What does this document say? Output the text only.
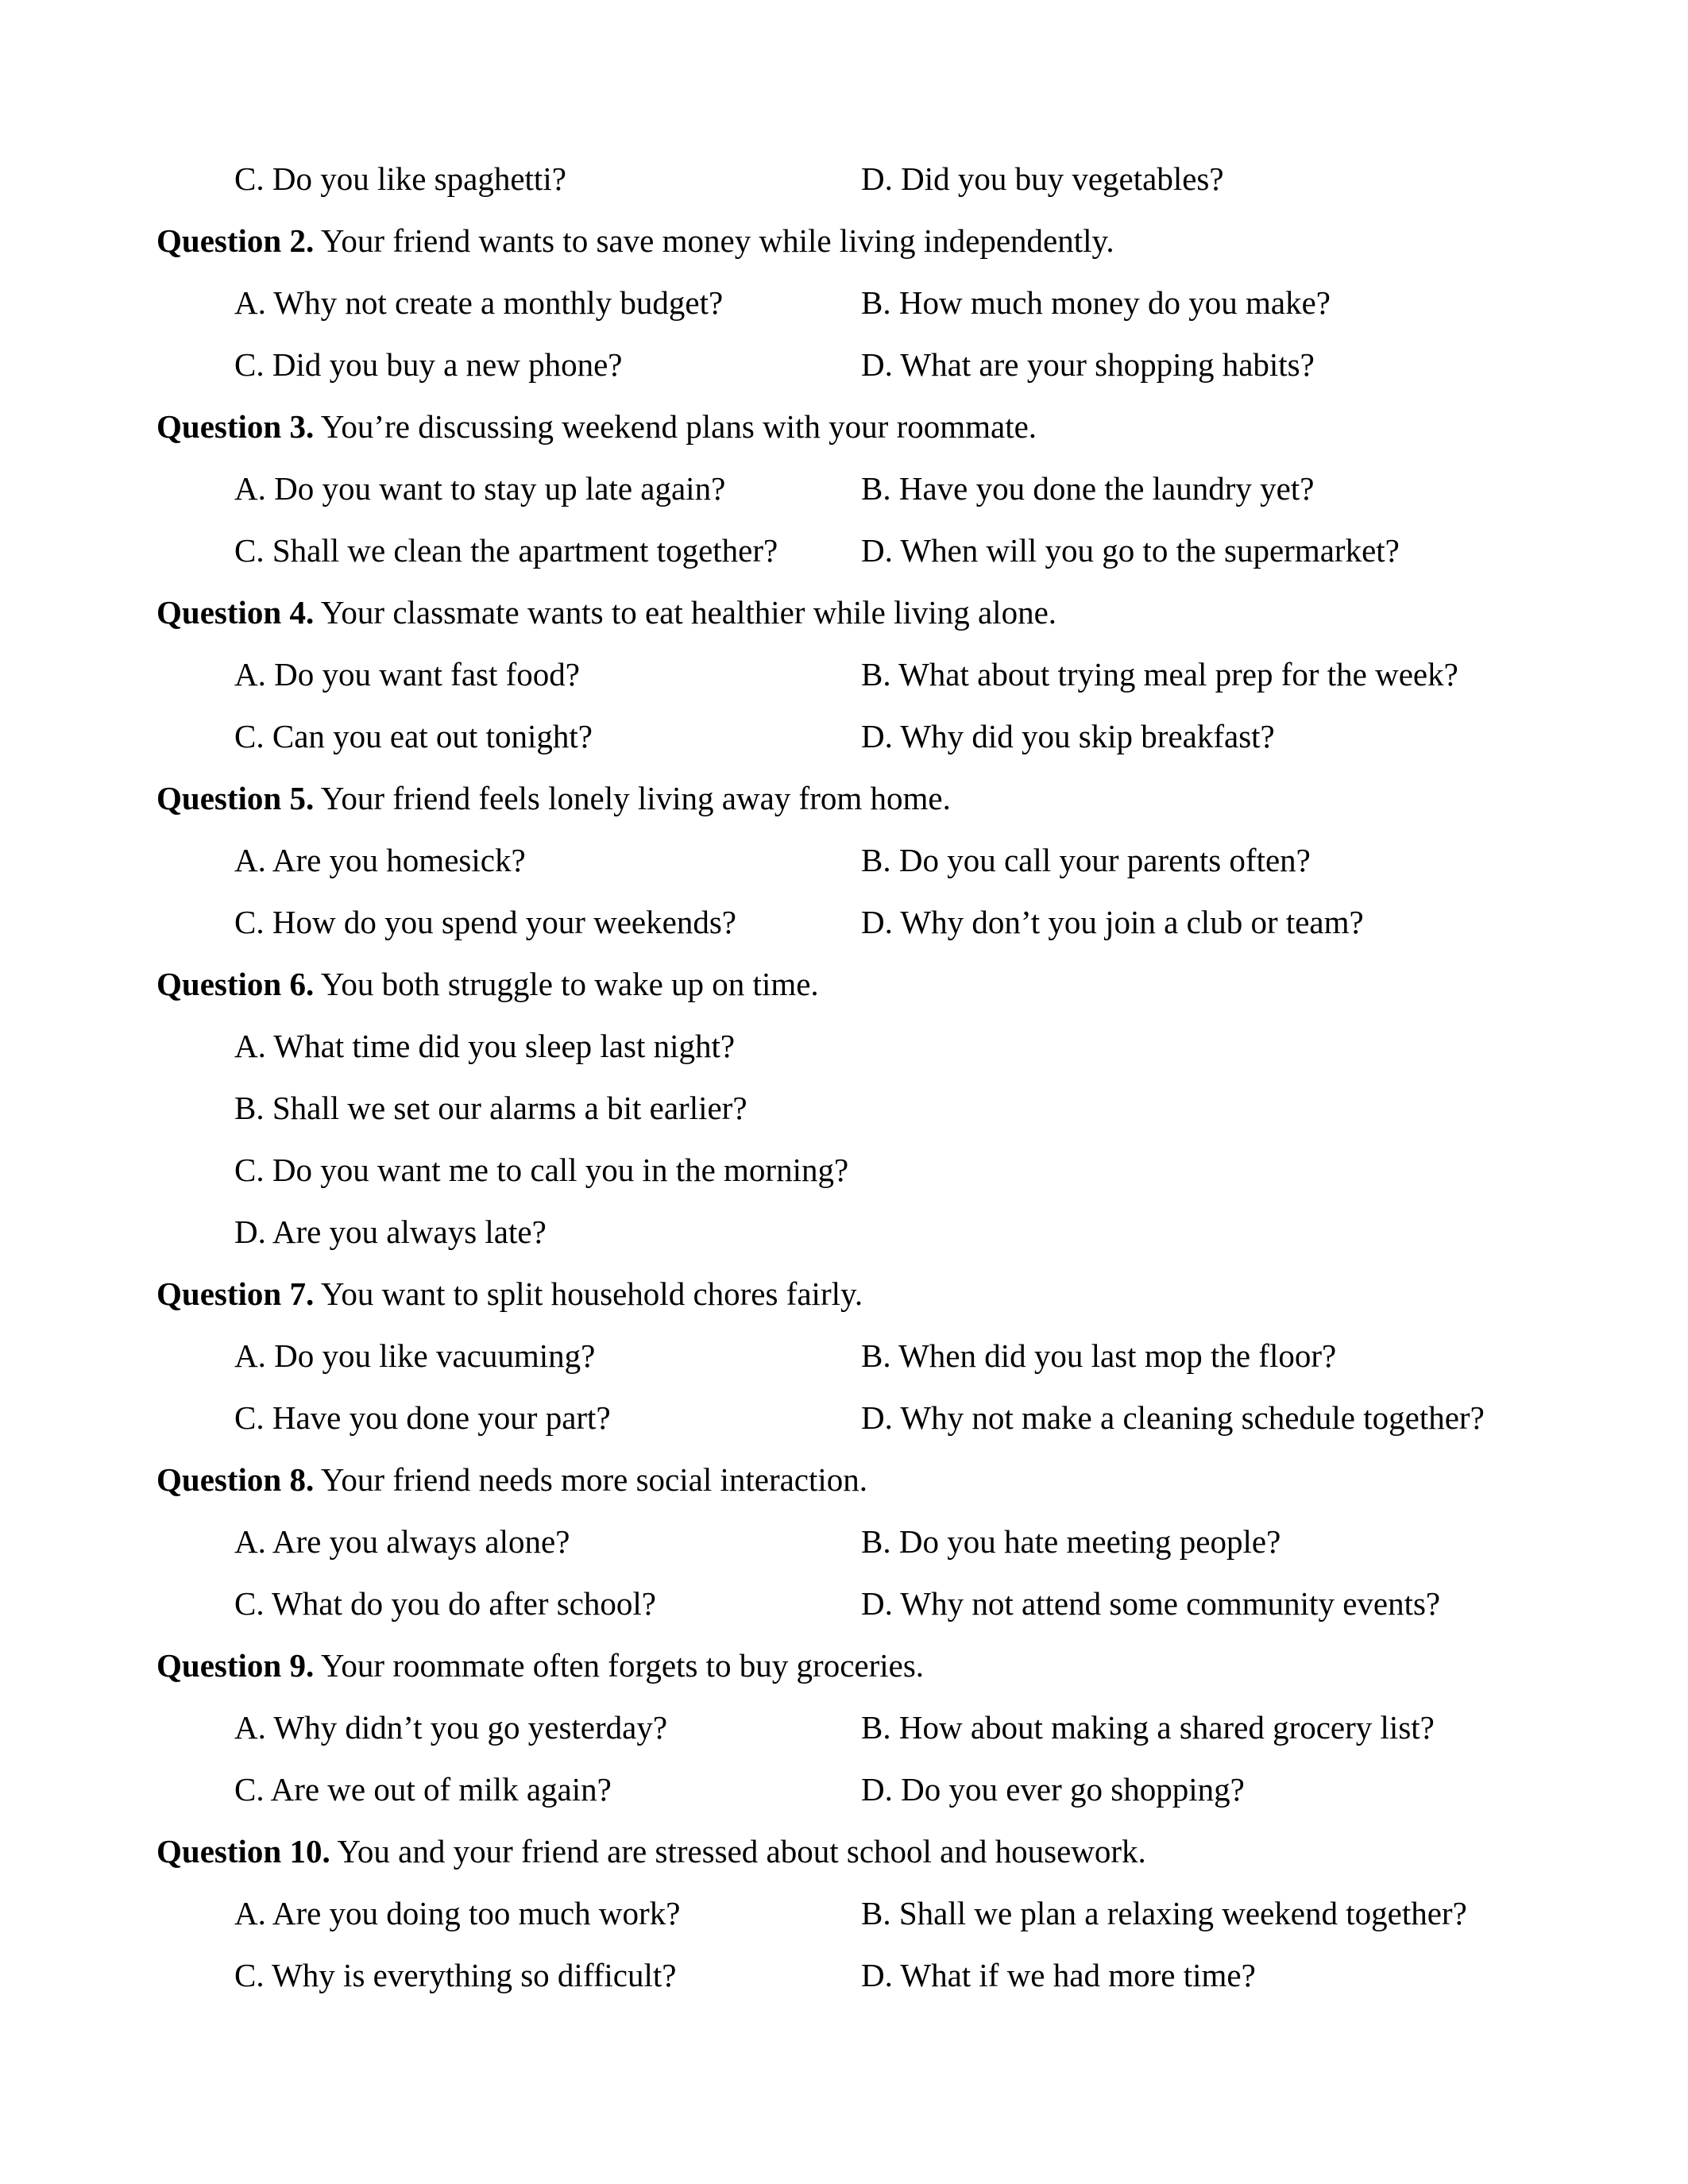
C. Do you like spaghetti?	D. Did you buy vegetables?
Question 2. Your friend wants to save money while living independently.
A. Why not create a monthly budget?	B. How much money do you make?
C. Did you buy a new phone?	D. What are your shopping habits?
Question 3. You’re discussing weekend plans with your roommate.
A. Do you want to stay up late again?	B. Have you done the laundry yet?
C. Shall we clean the apartment together?	D. When will you go to the supermarket?
Question 4. Your classmate wants to eat healthier while living alone.
A. Do you want fast food?	B. What about trying meal prep for the week?
C. Can you eat out tonight?	D. Why did you skip breakfast?
Question 5. Your friend feels lonely living away from home.
A. Are you homesick?	B. Do you call your parents often?
C. How do you spend your weekends?	D. Why don’t you join a club or team?
Question 6. You both struggle to wake up on time.
A. What time did you sleep last night?
B. Shall we set our alarms a bit earlier?
C. Do you want me to call you in the morning?
D. Are you always late?
Question 7. You want to split household chores fairly.
A. Do you like vacuuming?	B. When did you last mop the floor?
C. Have you done your part?	D. Why not make a cleaning schedule together?
Question 8. Your friend needs more social interaction.
A. Are you always alone?	B. Do you hate meeting people?
C. What do you do after school?	D. Why not attend some community events?
Question 9. Your roommate often forgets to buy groceries.
A. Why didn’t you go yesterday?	B. How about making a shared grocery list?
C. Are we out of milk again?	D. Do you ever go shopping?
Question 10. You and your friend are stressed about school and housework.
A. Are you doing too much work?	B. Shall we plan a relaxing weekend together?
C. Why is everything so difficult?	D. What if we had more time?
